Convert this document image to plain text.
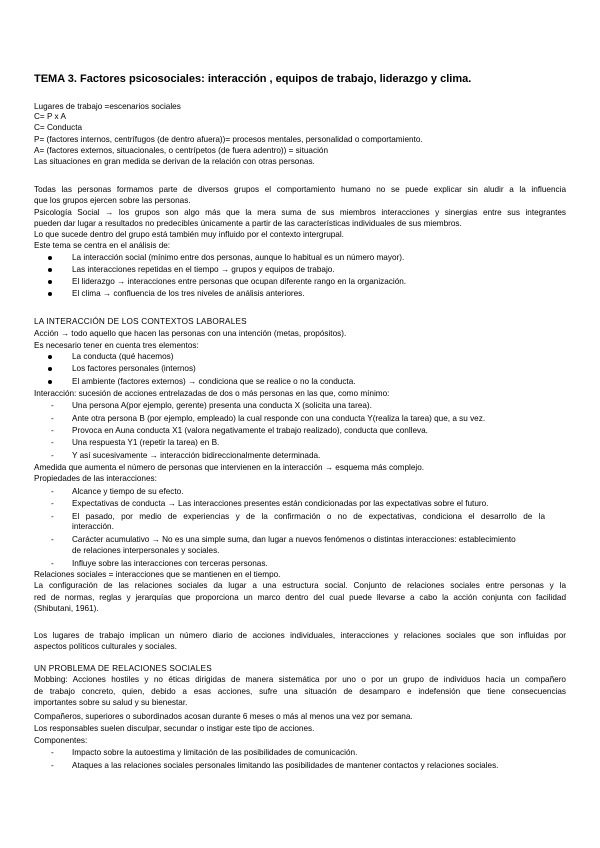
TEMA 3. Factores psicosociales: interacción , equipos de trabajo, liderazgo y clima.
Lugares de trabajo =escenarios sociales
C= P x A
C= Conducta
P= (factores internos, centrífugos (de dentro afuera))= procesos mentales, personalidad o comportamiento.
A= (factores externos, situacionales, o centrípetos (de fuera adentro)) = situación
Las situaciones en gran medida se derivan de la relación con otras personas.
Todas las personas formamos parte de diversos grupos el comportamiento humano no se puede explicar sin aludir a la influencia
que los grupos ejercen sobre las personas.
Psicología Social → los grupos son algo más que la mera suma de sus miembros interacciones y sinergias entre sus integrantes
pueden dar lugar a resultados no predecibles únicamente a partir de las características individuales de sus miembros.
Lo que sucede dentro del grupo está también muy influido por el contexto intergrupal.
Este tema se centra en el análisis de:
La interacción social (mínimo entre dos personas, aunque lo habitual es un número mayor).
Las interacciones repetidas en el tiempo → grupos y equipos de trabajo.
El liderazgo → interacciones entre personas que ocupan diferente rango en la organización.
El clima → confluencia de los tres niveles de análisis anteriores.
LA INTERACCIÓN DE LOS CONTEXTOS LABORALES
Acción → todo aquello que hacen las personas con una intención (metas, propósitos).
Es necesario tener en cuenta tres elementos:
La conducta (qué hacemos)
Los factores personales (internos)
El ambiente (factores externos) → condiciona que se realice o no la conducta.
Interacción: sucesión de acciones entrelazadas de dos o más personas en las que, como mínimo:
- Una persona A(por ejemplo, gerente) presenta una conducta X (solicita una tarea).
- Ante otra persona B (por ejemplo, empleado) la cual responde con una conducta Y(realiza la tarea) que, a su vez.
- Provoca en Auna conducta X1 (valora negativamente el trabajo realizado), conducta que conlleva.
- Una respuesta Y1 (repetir la tarea) en B.
- Y así sucesivamente → interacción bidireccionalmente determinada.
Amedida que aumenta el número de personas que intervienen en la interacción → esquema más complejo.
Propiedades de las interacciones:
- Alcance y tiempo de su efecto.
- Expectativas de conducta → Las interacciones presentes están condicionadas por las expectativas sobre el futuro.
- El pasado, por medio de experiencias y de la confirmación o no de expectativas, condiciona el desarrollo de la
interacción.
- Carácter acumulativo → No es una simple suma, dan lugar a nuevos fenómenos o distintas interacciones: establecimiento
de relaciones interpersonales y sociales.
- Influye sobre las interacciones con terceras personas.
Relaciones sociales = interacciones que se mantienen en el tiempo.
La configuración de las relaciones sociales da lugar a una estructura social. Conjunto de relaciones sociales entre personas y la
red de normas, reglas y jerarquías que proporciona un marco dentro del cual puede llevarse a cabo la acción conjunta con facilidad
(Shibutani, 1961).
Los lugares de trabajo implican un número diario de acciones individuales, interacciones y relaciones sociales que son influidas por
aspectos políticos culturales y sociales.
UN PROBLEMA DE RELACIONES SOCIALES
Mobbing: Acciones hostiles y no éticas dirigidas de manera sistemática por uno o por un grupo de individuos hacia un compañero
de trabajo concreto, quien, debido a esas acciones, sufre una situación de desamparo e indefensión que tiene consecuencias
importantes sobre su salud y su bienestar.
Compañeros, superiores o subordinados acosan durante 6 meses o más al menos una vez por semana.
Los responsables suelen disculpar, secundar o instigar este tipo de acciones.
Componentes:
- Impacto sobre la autoestima y limitación de las posibilidades de comunicación.
- Ataques a las relaciones sociales personales limitando las posibilidades de mantener contactos y relaciones sociales.
